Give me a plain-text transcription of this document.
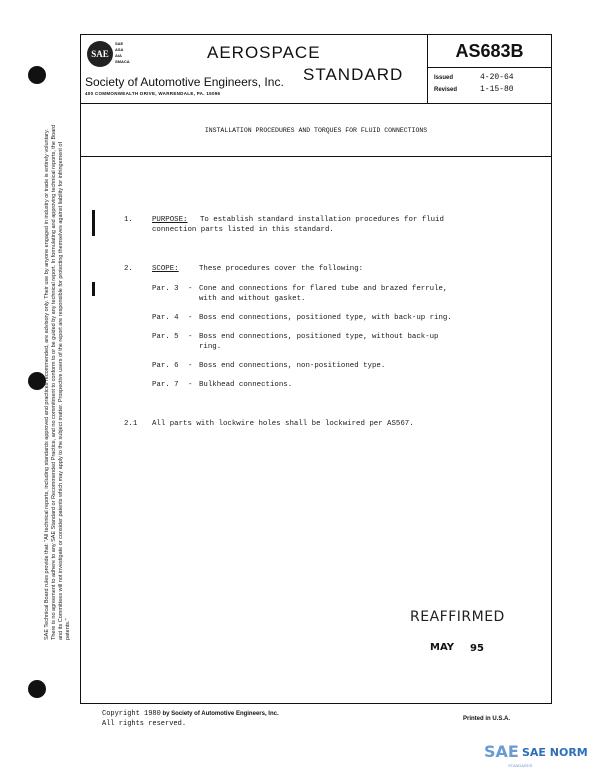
SAE Technical Board rules provide that: "All technical reports, including standards approved and practices recommended, are advisory only. Their use by anyone engaged in industry or trade is entirely voluntary. There is no agreement to adhere to any SAE Standard or Recommended Practice, and no commitment to conform to or be guided by any technical report. In formulating and approving technical reports, the Board and its Committees will not investigate or consider patents which may apply to the subject matter. Prospective users of the report are responsible for protecting themselves against liability for infringement of patents."
SAE
SAE
ASA
AIA
SMACA	AEROSPACE
STANDARD
Society of Automotive Engineers, Inc.
400 COMMONWEALTH DRIVE, WARRENDALE, PA. 15096
AS683B
Issued	4-20-64
Revised	1-15-80
INSTALLATION PROCEDURES AND TORQUES FOR FLUID CONNECTIONS
1.	PURPOSE: To establish standard installation procedures for fluid
connection parts listed in this standard.
2.	SCOPE:	These procedures cover the following:
Par. 3 - Cone and connections for flared tube and brazed ferrule,
with and without gasket.
Par. 4 - Boss end connections, positioned type, with back-up ring.
Par. 5 - Boss end connections, positioned type, without back-up
ring.
Par. 6 - Boss end connections, non-positioned type.
Par. 7 - Bulkhead connections.
2.1 All parts with lockwire holes shall be lockwired per AS567.
REAFFIRMED
MAY 95
Copyright 1980 by Society of Automotive Engineers, Inc.
All rights reserved.
Printed in U.S.A.
SAE SAE NORM
STANDARDS
